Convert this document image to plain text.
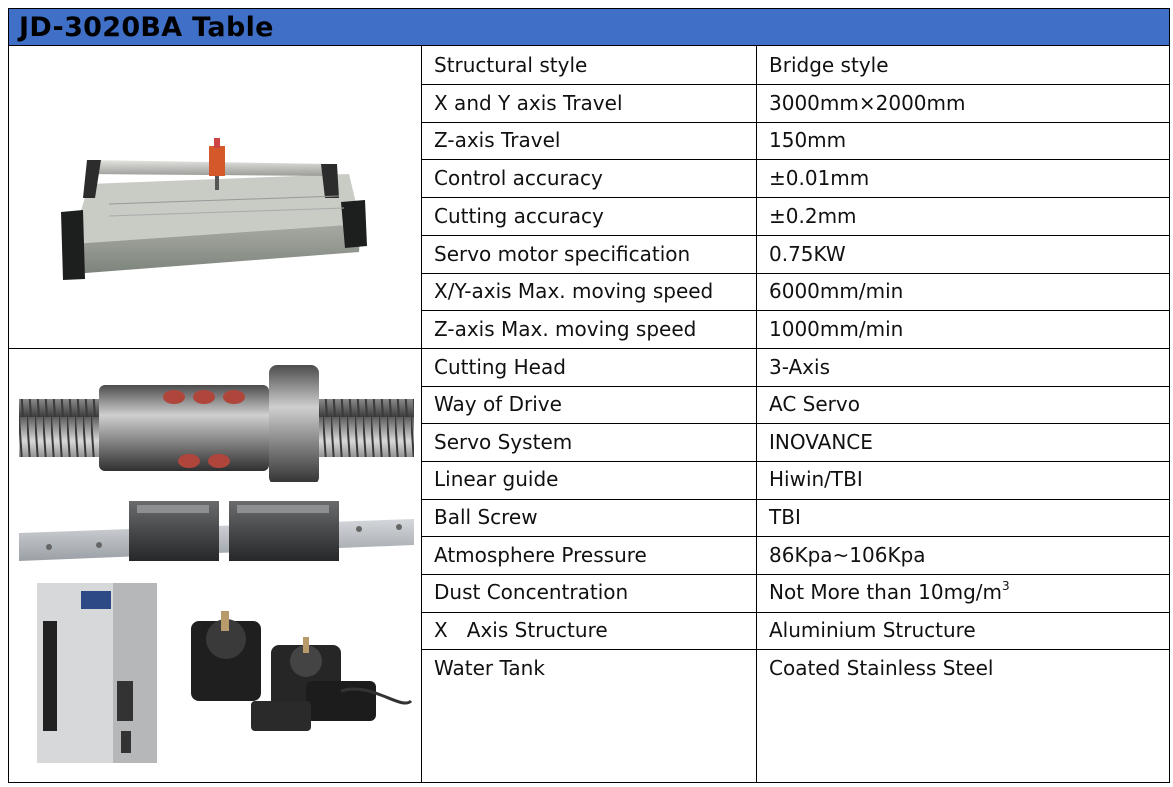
JD-3020BA Table
Structural style	Bridge style
X and Y axis Travel	3000mm×2000mm
Z-axis Travel	150mm
Control accuracy	±0.01mm
Cutting accuracy	±0.2mm
Servo motor specification	0.75KW
X/Y-axis Max. moving speed	6000mm/min
Z-axis Max. moving speed	1000mm/min
Cutting Head	3-Axis
Way of Drive	AC Servo
Servo System	INOVANCE
Linear guide	Hiwin/TBI
Ball Screw	TBI
Atmosphere Pressure	86Kpa~106Kpa
Dust Concentration	Not More than $10mg/m^3$
X   Axis Structure	Aluminium Structure
Water Tank	Coated Stainless Steel
